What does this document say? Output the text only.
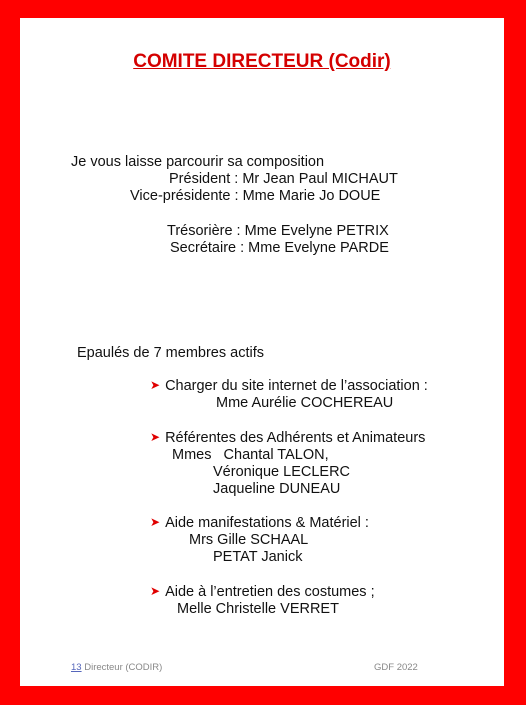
COMITE DIRECTEUR (Codir)
Je vous laisse parcourir sa composition
Président : Mr Jean Paul MICHAUT
Vice-présidente : Mme Marie Jo DOUE
Trésorière : Mme Evelyne PETRIX
Secrétaire : Mme Evelyne PARDE
Epaulés de 7 membres actifs
➤ Charger du site internet de l’association :
Mme Aurélie COCHEREAU
➤ Référentes des Adhérents et Animateurs
Mmes   Chantal TALON,
Véronique LECLERC
Jaqueline DUNEAU
➤ Aide manifestations & Matériel :
Mrs Gille SCHAAL
PETAT Janick
➤ Aide à l’entretien des costumes ;
Melle Christelle VERRET
13 Directeur (CODIR)	GDF 2022
